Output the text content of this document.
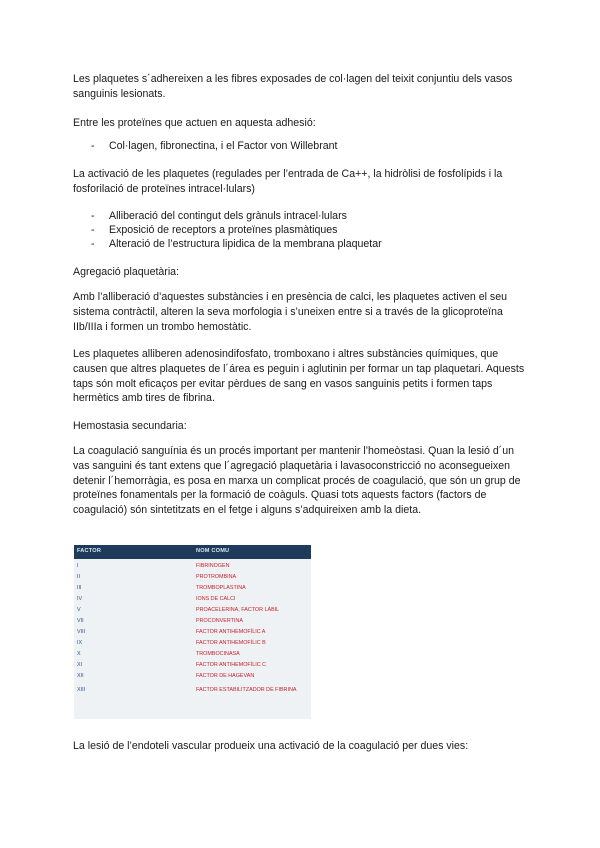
Les plaquetes s´adhereixen a les fibres exposades de col·lagen del teixit conjuntiu dels vasos sanguinis lesionats.

Entre les proteïnes que actuen en aquesta adhesió:

- Col·lagen, fibronectina, i el Factor von Willebrant

La activació de les plaquetes (regulades per l’entrada de Ca++, la hidròlisi de fosfolípids i la fosforilació de proteïnes intracel·lulars)

- Alliberació del contingut dels grànuls intracel·lulars
- Exposició de receptors a proteïnes plasmàtiques
- Alteració de l’estructura lipidica de la membrana plaquetar

Agregació plaquetària:

Amb l’alliberació d’aquestes substàncies i en presència de calci, les plaquetes activen el seu sistema contràctil, alteren la seva morfologia i s’uneixen entre si a través de la glicoproteïna IIb/IIIa i formen un trombo hemostàtic.

Les plaquetes alliberen adenosindifosfato, tromboxano i altres substàncies químiques, que causen que altres plaquetes de l´área es peguin i aglutinin per formar un tap plaquetari. Aquests taps són molt eficaços per evitar pèrdues de sang en vasos sanguinis petits i formen taps hermètics amb tires de fibrina.

Hemostasia secundaria:

La coagulació sanguínia és un procés important per mantenir l’homeòstasi. Quan la lesió d´un vas sanguini és tant extens que l´agregació plaquetària i lavasoconstricció no aconsegueixen detenir l´hemorràgia, es posa en marxa un complicat procés de coagulació, que són un grup de proteïnes fonamentals per la formació de coàguls. Quasi tots aquests factors (factors de coagulació) són sintetitzats en el fetge i alguns s’adquireixen amb la dieta.

FACTOR	NOM COMU
I	FIBRINOGEN
II	PROTROMBINA
III	TROMBOPLASTINA
IV	IONS DE CALCI
V	PROACELERINA, FACTOR LÀBIL
VII	PROCONVERTINA
VIII	FACTOR ANTIHEMOFÍLIC A
IX	FACTOR ANTIHEMOFÍLIC B
X	TROMBOCINASA
XI	FACTOR ANTIHEMOFÍLIC C
XII	FACTOR DE HAGEVAN
XIII	FACTOR ESTABILITZADOR DE FIBRINA

La lesió de l’endoteli vascular produeix una activació de la coagulació per dues vies:
